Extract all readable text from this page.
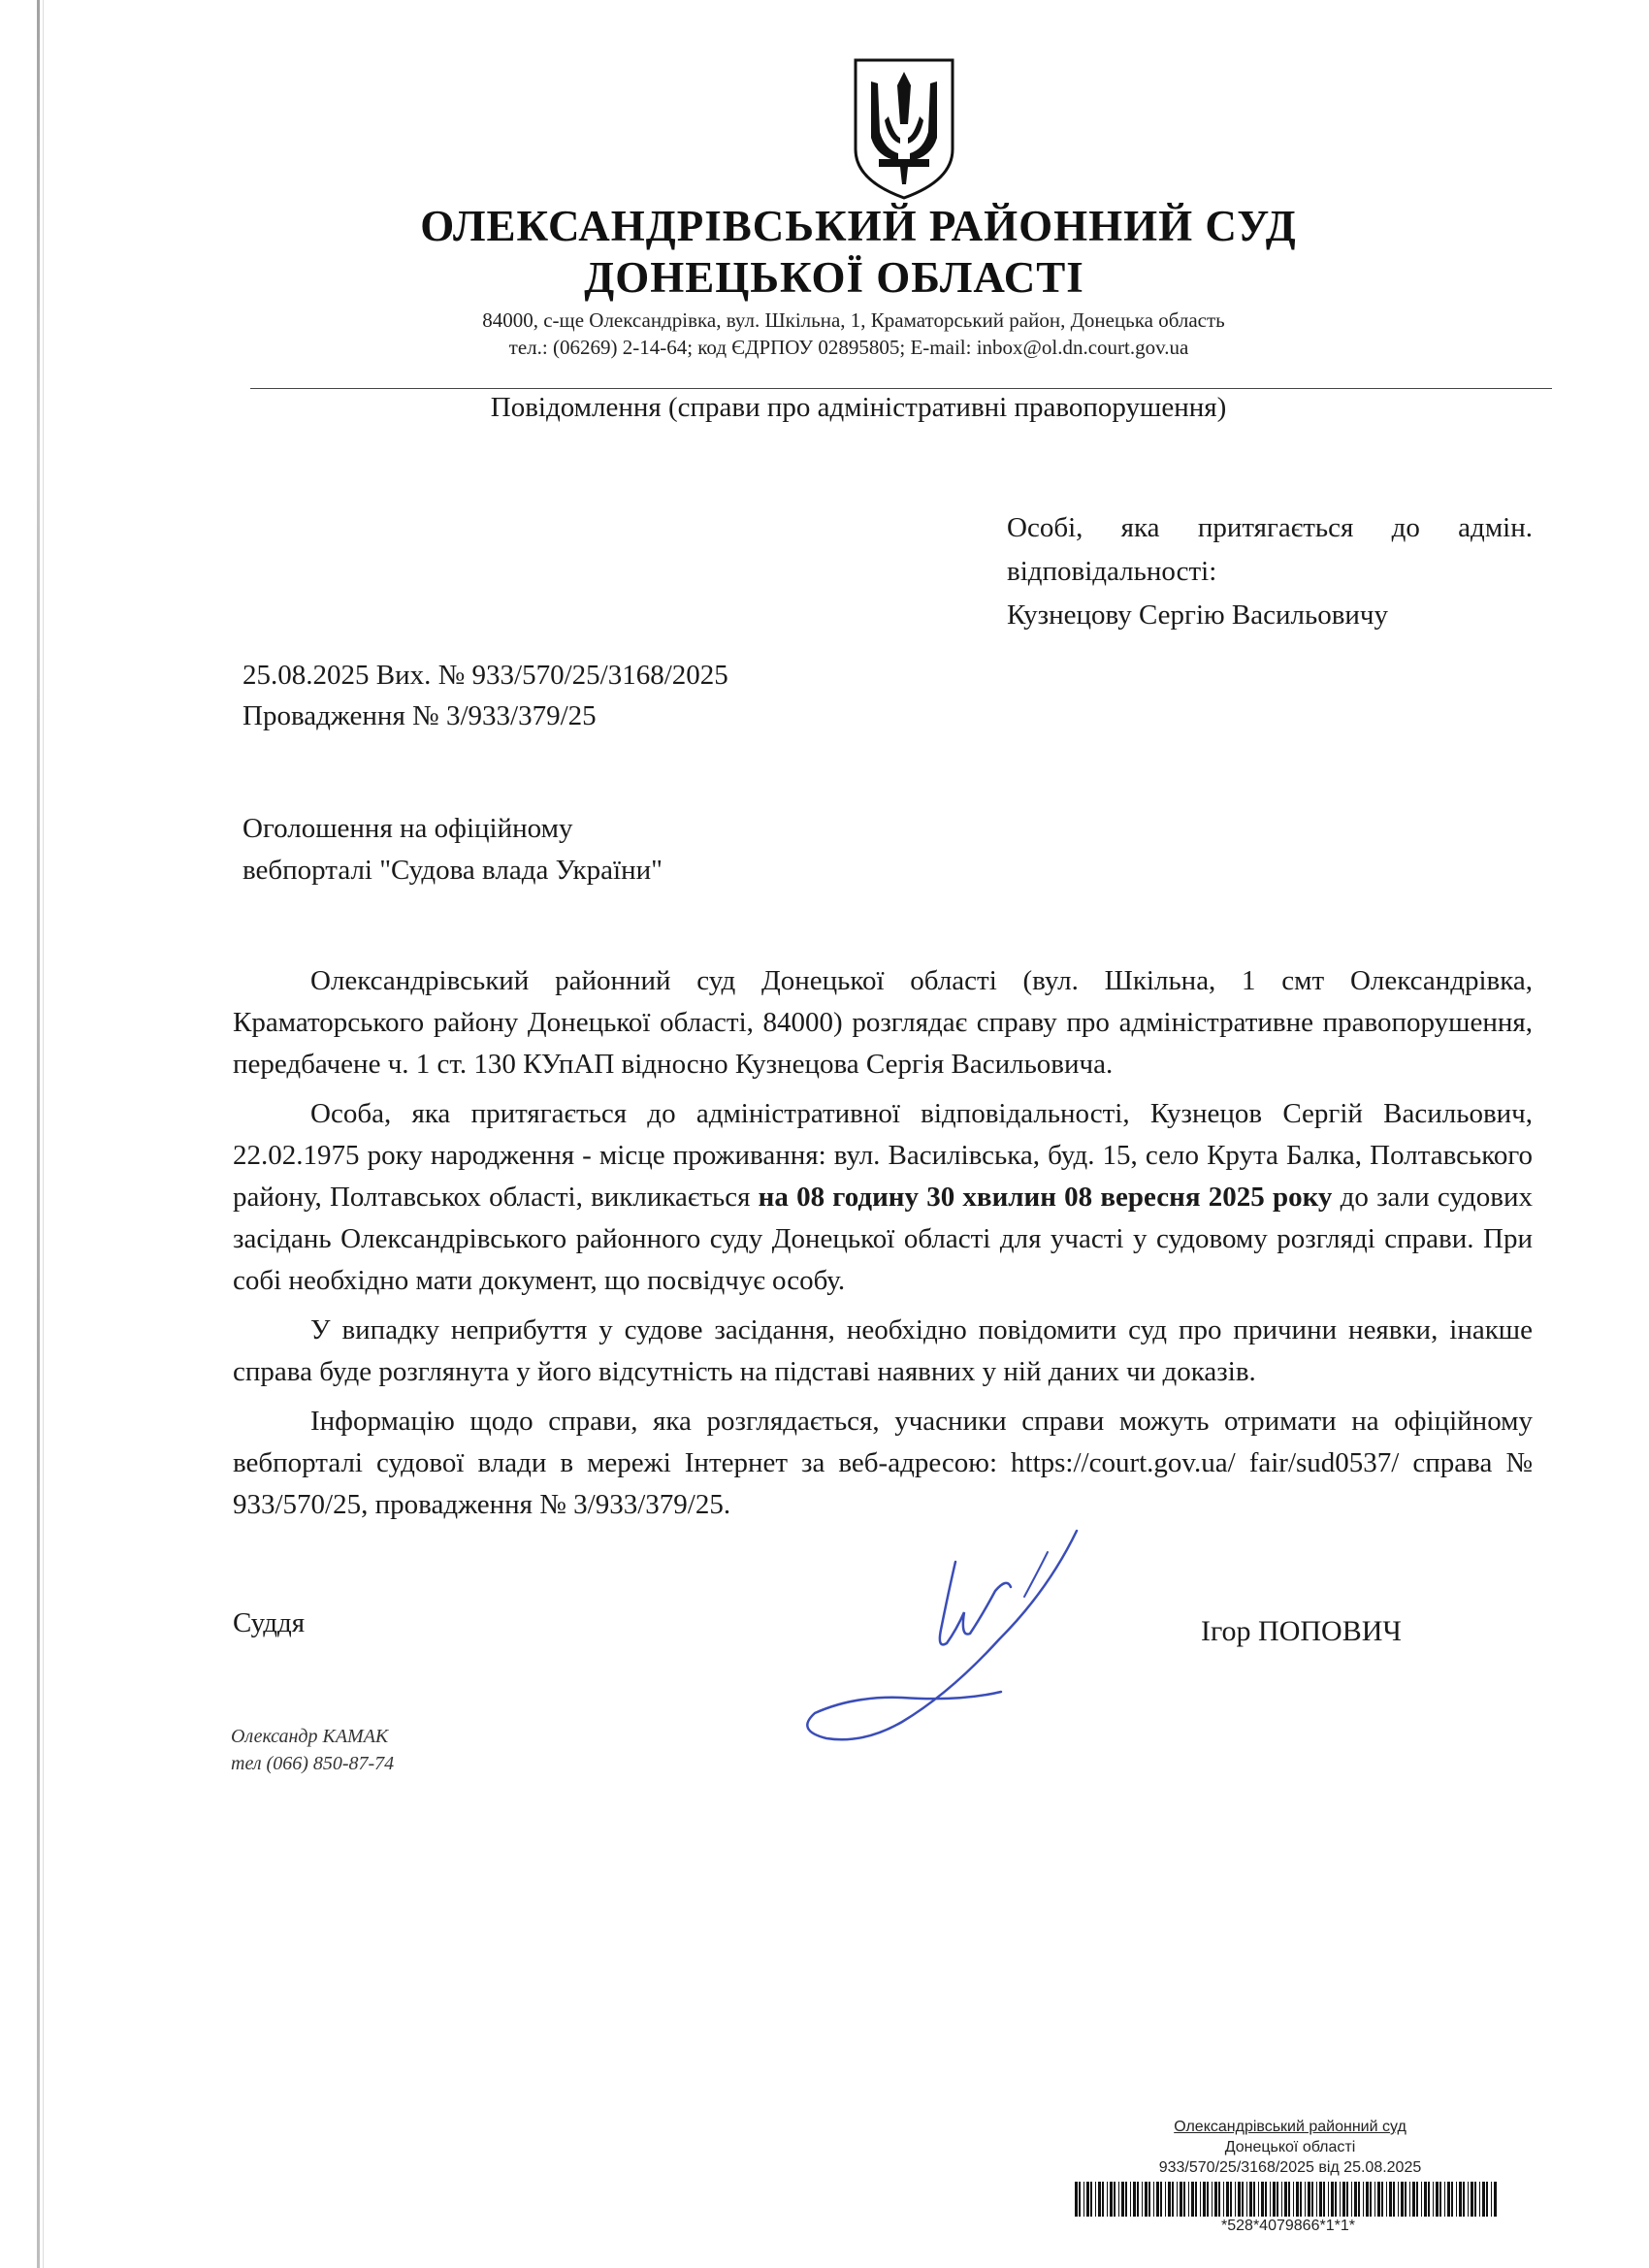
ОЛЕКСАНДРІВСЬКИЙ РАЙОННИЙ СУД
ДОНЕЦЬКОЇ ОБЛАСТІ
84000, с-ще Олександрівка, вул. Шкільна, 1, Краматорський район, Донецька область
тел.: (06269) 2-14-64; код ЄДРПОУ 02895805; E-mail: inbox@ol.dn.court.gov.ua
Повідомлення (справи про адміністративні правопорушення)
Особі, яка притягається до адмін.
відповідальності:
Кузнецову Сергію Васильовичу
25.08.2025 Вих. № 933/570/25/3168/2025
Провадження № 3/933/379/25
Оголошення на офіційному
вебпорталі "Судова влада України"

Олександрівський районний суд Донецької області (вул. Шкільна, 1 смт Олександрівка, Краматорського району Донецької області, 84000) розглядає справу про адміністративне правопорушення, передбачене ч. 1 ст. 130 КУпАП відносно Кузнецова Сергія Васильовича.

Особа, яка притягається до адміністративної відповідальності, Кузнецов Сергій Васильович, 22.02.1975 року народження - місце проживання: вул. Василівська, буд. 15, село Крута Балка, Полтавського району, Полтавськох області, викликається на 08 годину 30 хвилин 08 вересня 2025 року до зали судових засідань Олександрівського районного суду Донецької області для участі у судовому розгляді справи. При собі необхідно мати документ, що посвідчує особу.

У випадку неприбуття у судове засідання, необхідно повідомити суд про причини неявки, інакше справа буде розглянута у його відсутність на підставі наявних у ній даних чи доказів.

Інформацію щодо справи, яка розглядається, учасники справи можуть отримати на офіційному вебпорталі судової влади в мережі Інтернет за веб-адресою: https://court.gov.ua/ fair/sud0537/ справа № 933/570/25, провадження № 3/933/379/25.

Суддя	Ігор ПОПОВИЧ
Олександр КАМАК
тел (066) 850-87-74
Олександрівський районний суд
Донецької області
933/570/25/3168/2025 від 25.08.2025
*528*4079866*1*1*
